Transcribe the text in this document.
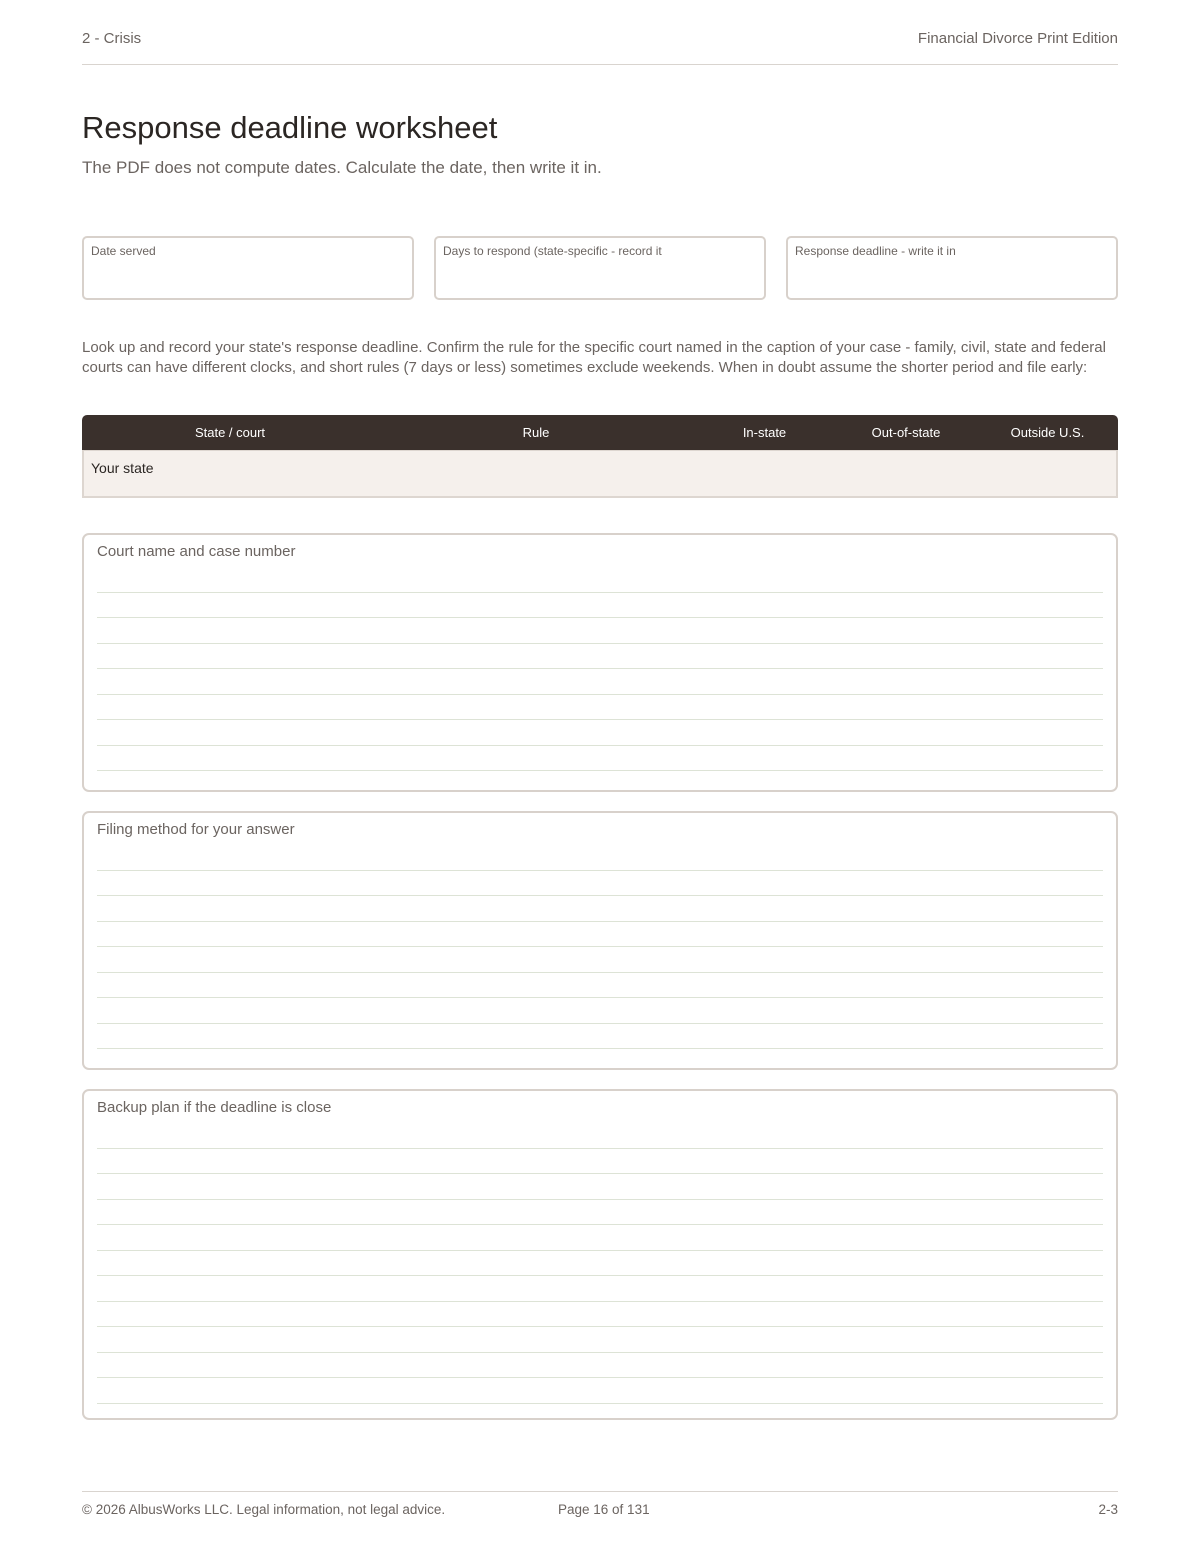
2 - Crisis	Financial Divorce Print Edition
Response deadline worksheet

The PDF does not compute dates. Calculate the date, then write it in.

Date served	Days to respond (state-specific - record it	Response deadline - write it in

Look up and record your state's response deadline. Confirm the rule for the specific court named in the caption of your case - family, civil, state and federal courts can have different clocks, and short rules (7 days or less) sometimes exclude weekends. When in doubt assume the shorter period and file early:

State / court	Rule	In-state	Out-of-state	Outside U.S.
Your state
Court name and case number
Filing method for your answer
Backup plan if the deadline is close
© 2026 AlbusWorks LLC. Legal information, not legal advice.	Page 16 of 131	2-3
